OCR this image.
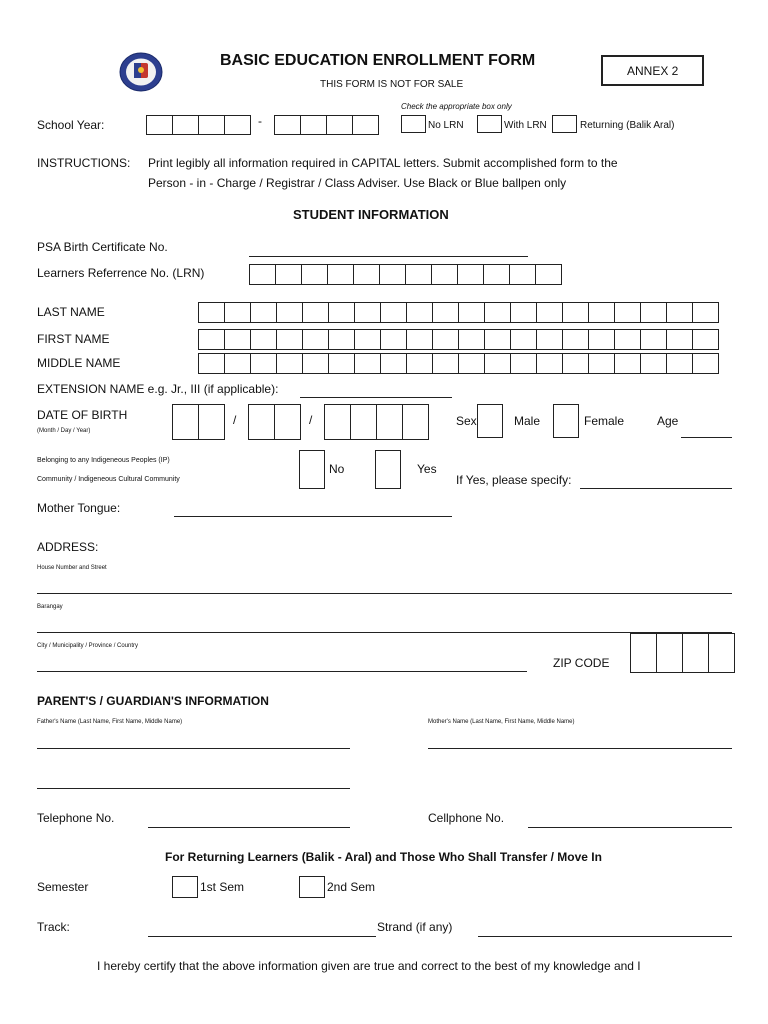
BASIC EDUCATION ENROLLMENT FORM
THIS FORM IS NOT FOR SALE
ANNEX 2
School Year:	-
Check the appropriate box only
No LRN	With LRN	Returning (Balik Aral)
INSTRUCTIONS: Print legibly all information required in CAPITAL letters. Submit accomplished form to the
Person - in - Charge / Registrar / Class Adviser. Use Black or Blue ballpen only
STUDENT INFORMATION
PSA Birth Certificate No.
Learners Referrence No. (LRN)
LAST NAME
FIRST NAME
MIDDLE NAME
EXTENSION NAME e.g. Jr., III (if applicable):
DATE OF BIRTH
(Month / Day / Year)
/	/	Sex	Male	Female	Age
Belonging to any Indigeneous Peoples (IP)
Community / Indigeneous Cultural Community
No	Yes
If Yes, please specify:
Mother Tongue:
ADDRESS:
House Number and Street
Barangay
City / Municipality / Province / Country
ZIP CODE
PARENT'S / GUARDIAN'S INFORMATION
Father's Name (Last Name, First Name, Middle Name)	Mother's Name (Last Name, First Name, Middle Name)
Telephone No.	Cellphone No.
For Returning Learners (Balik - Aral) and Those Who Shall Transfer / Move In
Semester	1st Sem	2nd Sem
Track:	Strand (if any)
I hereby certify that the above information given are true and correct to the best of my knowledge and I
